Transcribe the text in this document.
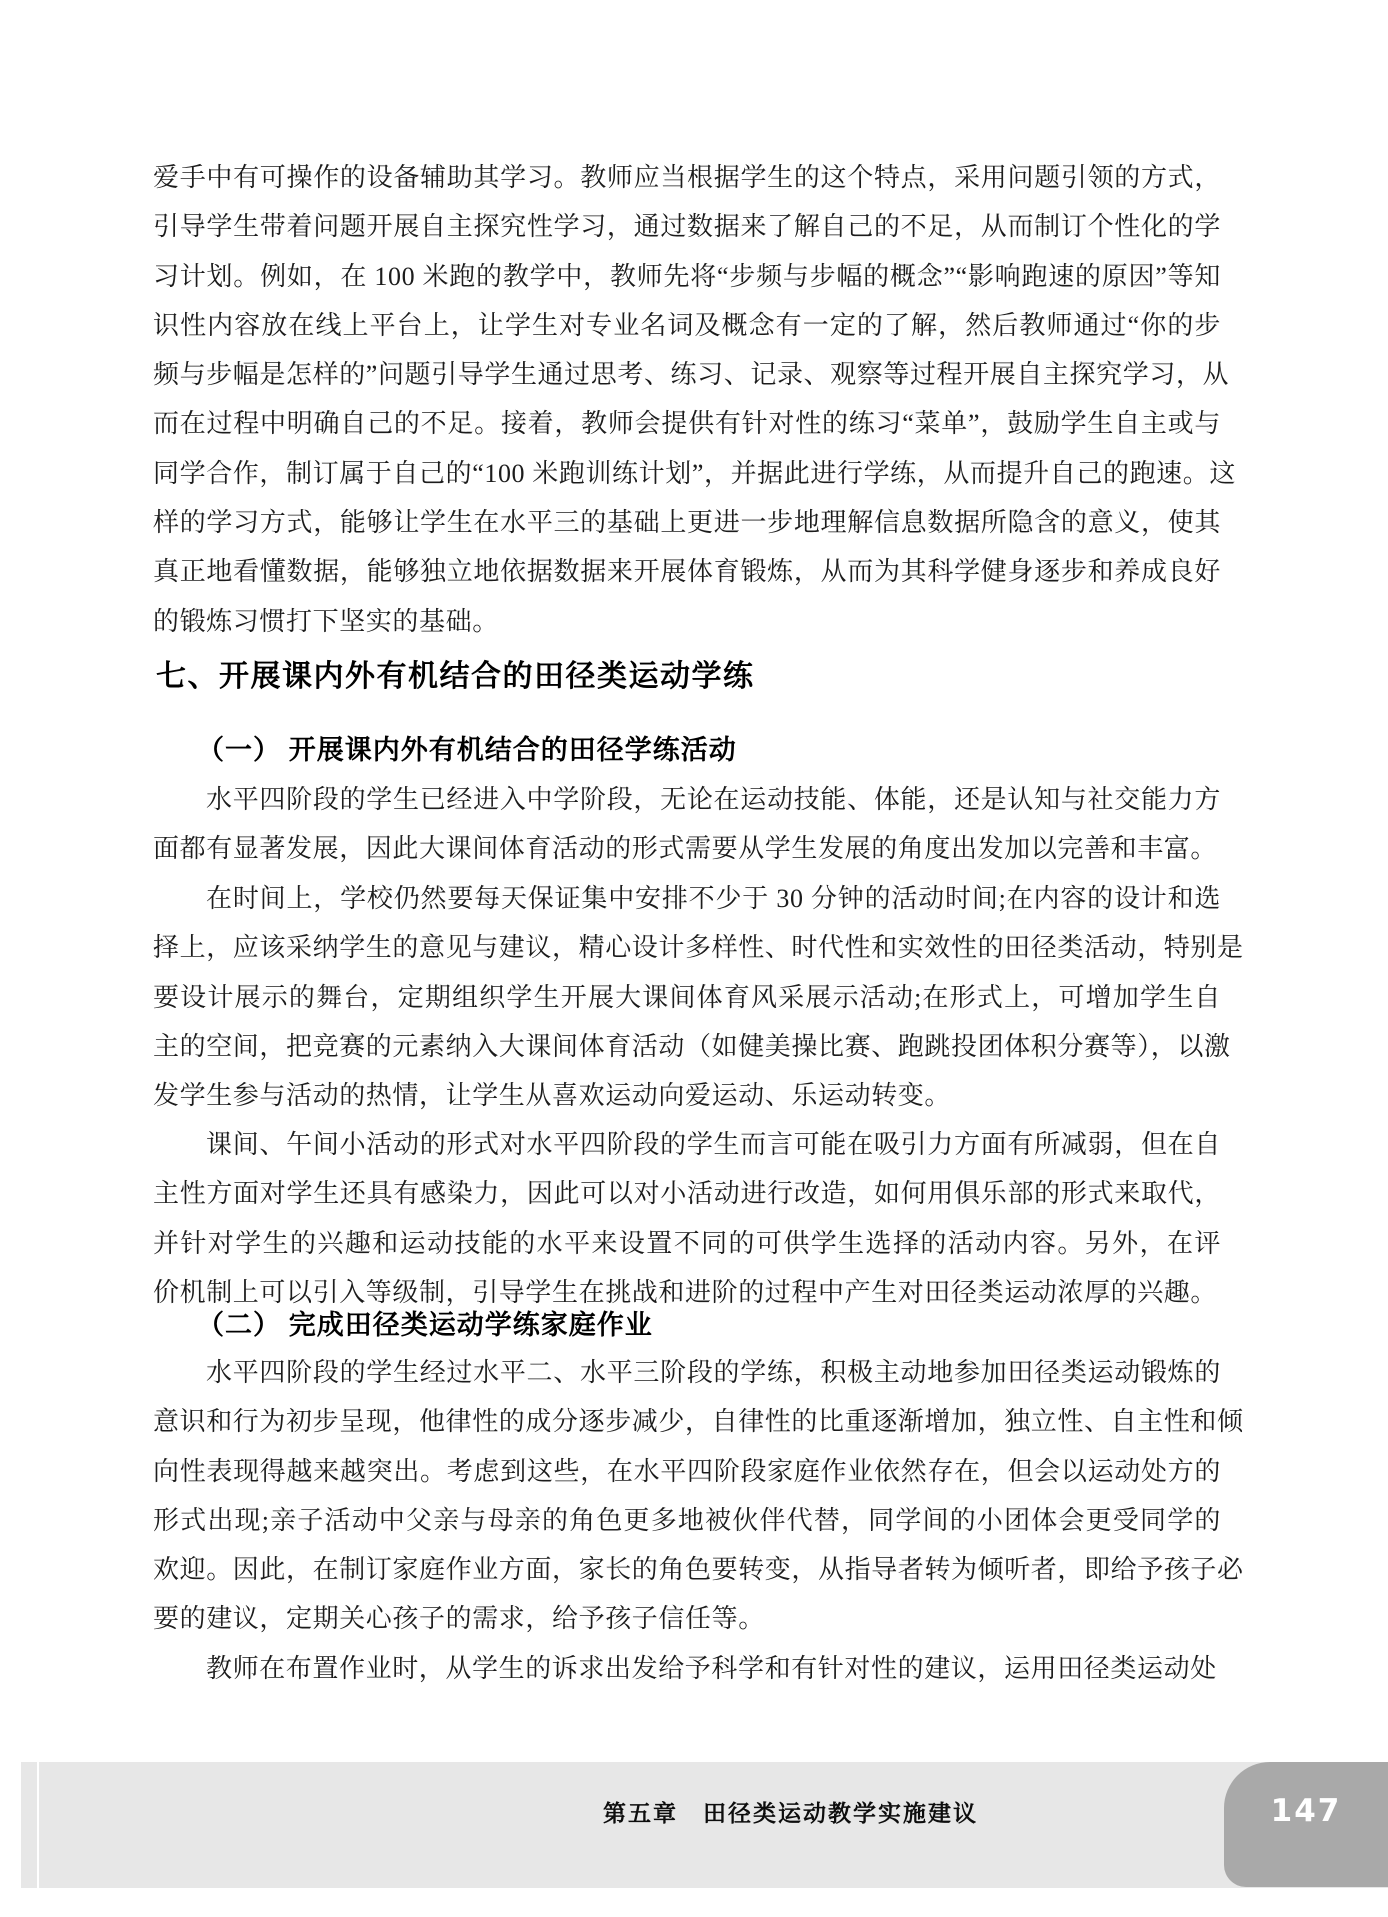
爱手中有可操作的设备辅助其学习。教师应当根据学生的这个特点，采用问题引领的方式，
引导学生带着问题开展自主探究性学习，通过数据来了解自己的不足，从而制订个性化的学
习计划。例如，在 100 米跑的教学中，教师先将“步频与步幅的概念”“影响跑速的原因”等知
识性内容放在线上平台上，让学生对专业名词及概念有一定的了解，然后教师通过“你的步
频与步幅是怎样的”问题引导学生通过思考、练习、记录、观察等过程开展自主探究学习，从
而在过程中明确自己的不足。接着，教师会提供有针对性的练习“菜单”，鼓励学生自主或与
同学合作，制订属于自己的“100 米跑训练计划”，并据此进行学练，从而提升自己的跑速。这
样的学习方式，能够让学生在水平三的基础上更进一步地理解信息数据所隐含的意义，使其
真正地看懂数据，能够独立地依据数据来开展体育锻炼，从而为其科学健身逐步和养成良好
的锻炼习惯打下坚实的基础。
七、开展课内外有机结合的田径类运动学练
（一） 开展课内外有机结合的田径学练活动
水平四阶段的学生已经进入中学阶段，无论在运动技能、体能，还是认知与社交能力方
面都有显著发展，因此大课间体育活动的形式需要从学生发展的角度出发加以完善和丰富。
在时间上，学校仍然要每天保证集中安排不少于 30 分钟的活动时间;在内容的设计和选
择上，应该采纳学生的意见与建议，精心设计多样性、时代性和实效性的田径类活动，特别是
要设计展示的舞台，定期组织学生开展大课间体育风采展示活动;在形式上，可增加学生自
主的空间，把竞赛的元素纳入大课间体育活动（如健美操比赛、跑跳投团体积分赛等），以激
发学生参与活动的热情，让学生从喜欢运动向爱运动、乐运动转变。
课间、午间小活动的形式对水平四阶段的学生而言可能在吸引力方面有所减弱，但在自
主性方面对学生还具有感染力，因此可以对小活动进行改造，如何用俱乐部的形式来取代，
并针对学生的兴趣和运动技能的水平来设置不同的可供学生选择的活动内容。另外，在评
价机制上可以引入等级制，引导学生在挑战和进阶的过程中产生对田径类运动浓厚的兴趣。
（二） 完成田径类运动学练家庭作业
水平四阶段的学生经过水平二、水平三阶段的学练，积极主动地参加田径类运动锻炼的
意识和行为初步呈现，他律性的成分逐步减少，自律性的比重逐渐增加，独立性、自主性和倾
向性表现得越来越突出。考虑到这些，在水平四阶段家庭作业依然存在，但会以运动处方的
形式出现;亲子活动中父亲与母亲的角色更多地被伙伴代替，同学间的小团体会更受同学的
欢迎。因此，在制订家庭作业方面，家长的角色要转变，从指导者转为倾听者，即给予孩子必
要的建议，定期关心孩子的需求，给予孩子信任等。
教师在布置作业时，从学生的诉求出发给予科学和有针对性的建议，运用田径类运动处
第五章　田径类运动教学实施建议	147
